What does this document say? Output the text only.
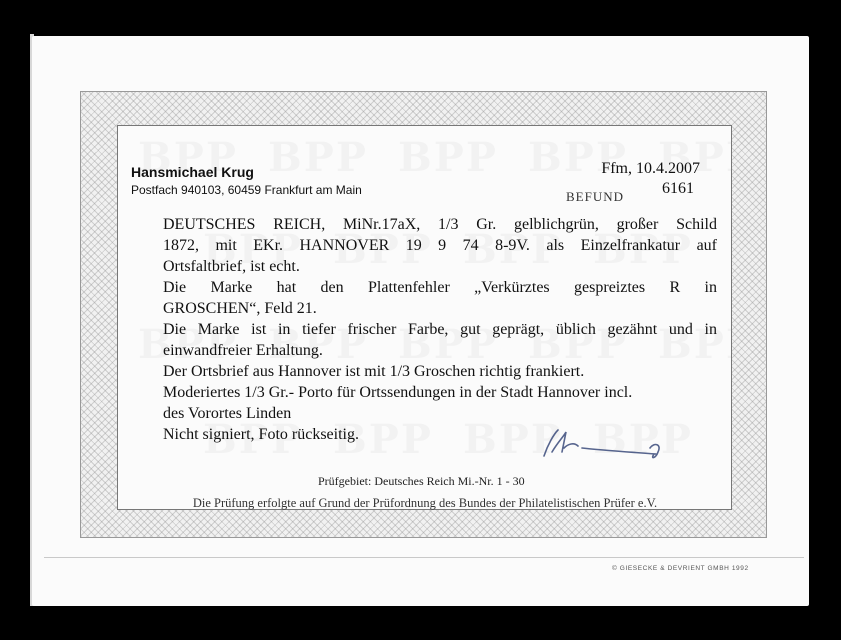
Hansmichael Krug
Postfach 940103, 60459 Frankfurt am Main
Ffm, 10.4.2007
BEFUND 6161
DEUTSCHES REICH, MiNr.17aX, 1/3 Gr. gelblichgrün, großer Schild
1872, mit EKr. HANNOVER 19 9 74 8-9V. als Einzelfrankatur auf
Ortsfaltbrief, ist echt.
Die Marke hat den Plattenfehler „Verkürztes gespreiztes R in
GROSCHEN“, Feld 21.
Die Marke ist in tiefer frischer Farbe, gut geprägt, üblich gezähnt und in
einwandfreier Erhaltung.
Der Ortsbrief aus Hannover ist mit 1/3 Groschen richtig frankiert.
Moderiertes 1/3 Gr.- Porto für Ortssendungen in der Stadt Hannover incl.
des Vorortes Linden
Nicht signiert, Foto rückseitig.
Prüfgebiet: Deutsches Reich Mi.-Nr. 1 - 30
Die Prüfung erfolgte auf Grund der Prüfordnung des Bundes der Philatelistischen Prüfer e.V.
© GIESECKE & DEVRIENT GMBH 1992
